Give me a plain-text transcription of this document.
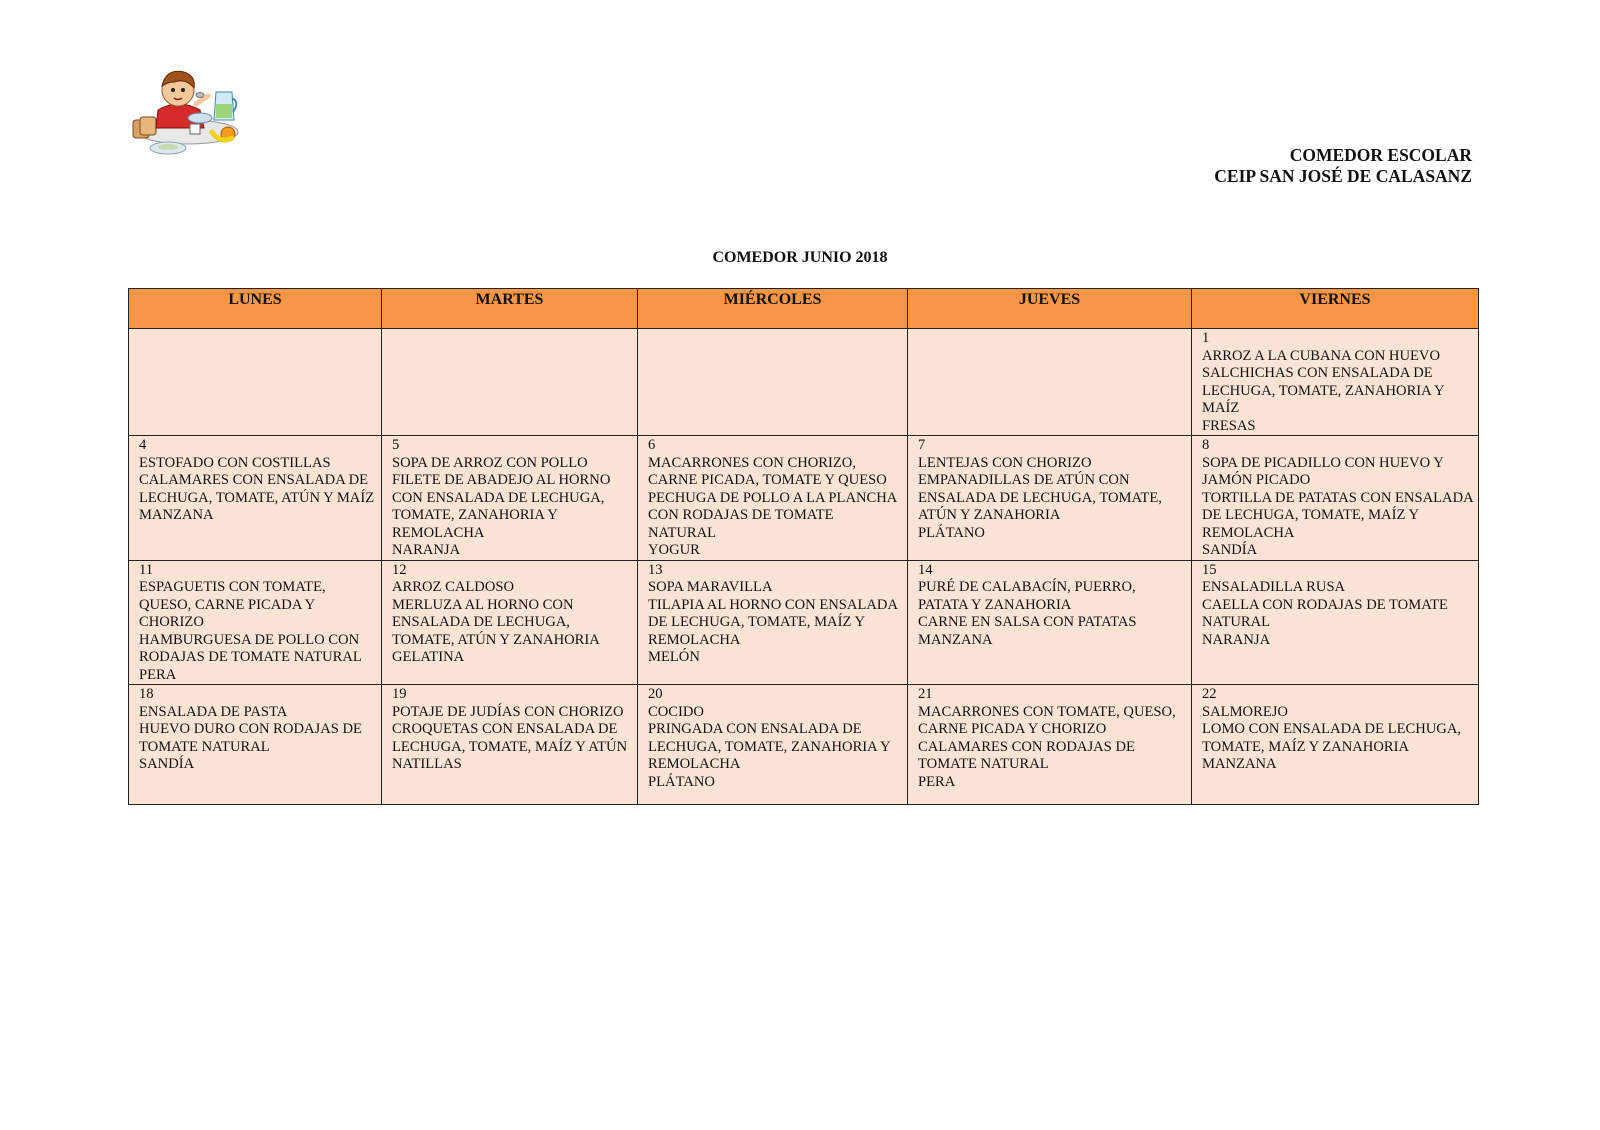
COMEDOR ESCOLAR
CEIP SAN JOSÉ DE CALASANZ
COMEDOR JUNIO 2018
LUNES	MARTES	MIÉRCOLES	JUEVES	VIERNES

				1
ARROZ A LA CUBANA CON HUEVO
SALCHICHAS CON ENSALADA DE LECHUGA, TOMATE, ZANAHORIA Y MAÍZ
FRESAS

4
ESTOFADO CON COSTILLAS
CALAMARES CON ENSALADA DE LECHUGA, TOMATE, ATÚN Y MAÍZ
MANZANA	5
SOPA DE ARROZ CON POLLO
FILETE DE ABADEJO AL HORNO CON ENSALADA DE LECHUGA, TOMATE, ZANAHORIA Y REMOLACHA
NARANJA	6
MACARRONES CON CHORIZO, CARNE PICADA, TOMATE Y QUESO
PECHUGA DE POLLO A LA PLANCHA CON RODAJAS DE TOMATE NATURAL
YOGUR	7
LENTEJAS CON CHORIZO
EMPANADILLAS DE ATÚN CON ENSALADA DE LECHUGA, TOMATE, ATÚN Y ZANAHORIA
PLÁTANO	8
SOPA DE PICADILLO CON HUEVO Y JAMÓN PICADO
TORTILLA DE PATATAS CON ENSALADA DE LECHUGA, TOMATE, MAÍZ Y REMOLACHA
SANDÍA

11
ESPAGUETIS CON TOMATE, QUESO, CARNE PICADA Y CHORIZO
HAMBURGUESA DE POLLO CON RODAJAS DE TOMATE NATURAL
PERA	12
ARROZ CALDOSO
MERLUZA AL HORNO CON ENSALADA DE LECHUGA, TOMATE, ATÚN Y ZANAHORIA
GELATINA	13
SOPA MARAVILLA
TILAPIA AL HORNO CON ENSALADA DE LECHUGA, TOMATE, MAÍZ Y REMOLACHA
MELÓN	14
PURÉ DE CALABACÍN, PUERRO, PATATA Y ZANAHORIA
CARNE EN SALSA CON PATATAS
MANZANA	15
ENSALADILLA RUSA
CAELLA CON RODAJAS DE TOMATE NATURAL
NARANJA

18
ENSALADA DE PASTA
HUEVO DURO CON RODAJAS DE TOMATE NATURAL
SANDÍA	19
POTAJE DE JUDÍAS CON CHORIZO
CROQUETAS CON ENSALADA DE LECHUGA, TOMATE, MAÍZ Y ATÚN
NATILLAS	20
COCIDO
PRINGADA CON ENSALADA DE LECHUGA, TOMATE, ZANAHORIA Y REMOLACHA
PLÁTANO	21
MACARRONES CON TOMATE, QUESO, CARNE PICADA Y CHORIZO
CALAMARES CON RODAJAS DE TOMATE NATURAL
PERA	22
SALMOREJO
LOMO CON ENSALADA DE LECHUGA, TOMATE, MAÍZ Y ZANAHORIA
MANZANA
